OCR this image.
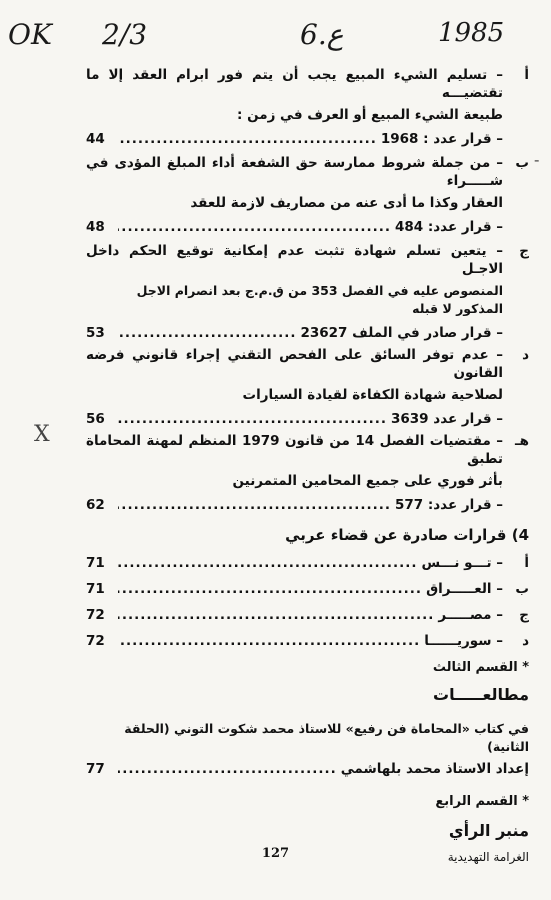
OK 2/3	6.ع	1985
-
X
أ
– تسليم الشيء المبيع يجب أن يتم فور ابرام العقد إلا ما تقتضيـــه
طبيعة الشيء المبيع أو العرف في زمن :
– قرار عدد : 1968
.....
44
ب
– من جملة شروط ممارسة حق الشفعة أداء المبلغ المؤدى في شـــــراء
العقار وكذا ما أدى عنه من مصاريف لازمة للعقد
– قرار عدد: 484
.....
48
ج
– يتعين تسلم شهادة تثبت عدم إمكانية توقيع الحكم داخل الاجـل
المنصوص عليه في الفصل 353 من ق.م.ج بعد انصرام الاجل المذكور لا قبله
– قرار صادر في الملف 23627
.....
53
د
– عدم توفر السائق على الفحص التقني إجراء قانوني فرضه القانون
لصلاحية شهادة الكفاءة لقيادة السيارات
– قرار عدد 3639
.....
56
هـ
– مقتضيات الفصل 14 من قانون 1979 المنظم لمهنة المحاماة تطبق
بأثر فوري على جميع المحامين المتمرنين
– قرار عدد: 577
.....
62
4) قرارات صادرة عن قضاء عربي
أ
– تـــو نـــس
.....
71
ب
– العـــــراق
.....
71
ج
– مصـــــر
.....
72
د
– سوريــــــا
.....
72
* القسم الثالث
مطالعـــــات
في كتاب «المحاماة فن رفيع» للاستاذ محمد شكوت التوني (الحلقة الثانية)
إعداد الاستاذ محمد بلهاشمي
.....
77
* القسم الرابع
منبر الرأي
الغرامة التهديدية
127
